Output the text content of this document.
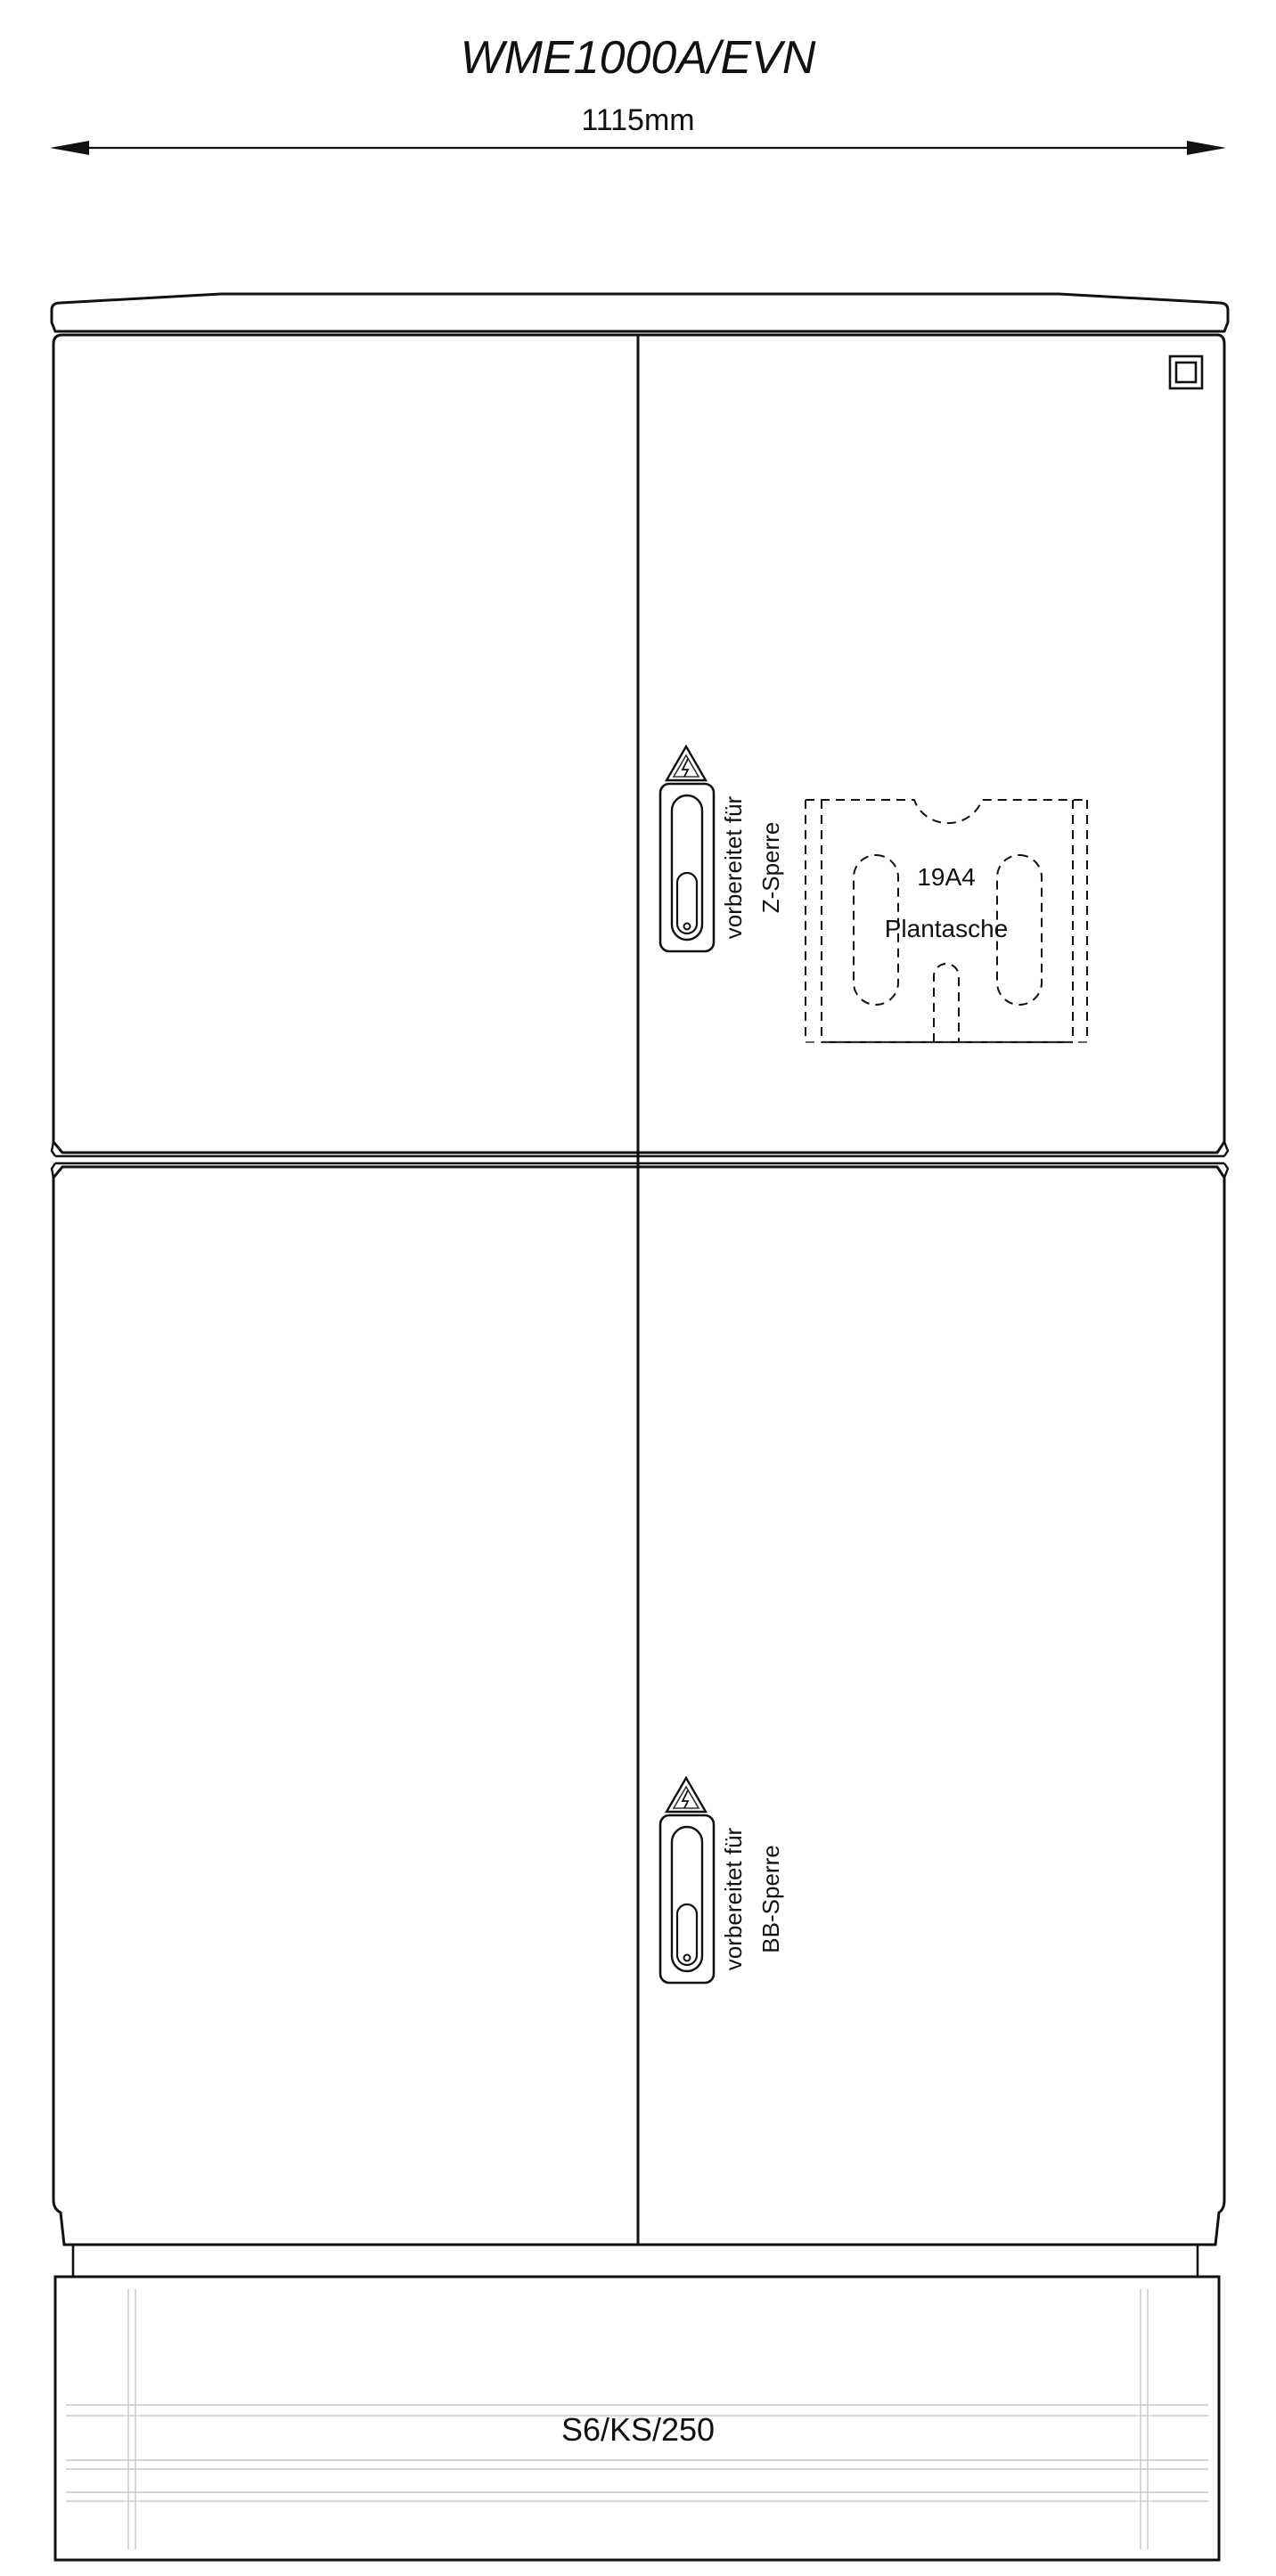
WME1000A/EVN
1115mm
S6/KS/250
vorbereitet für Z-Sperre	19A4
Plantasche
vorbereitet für BB-Sperre
